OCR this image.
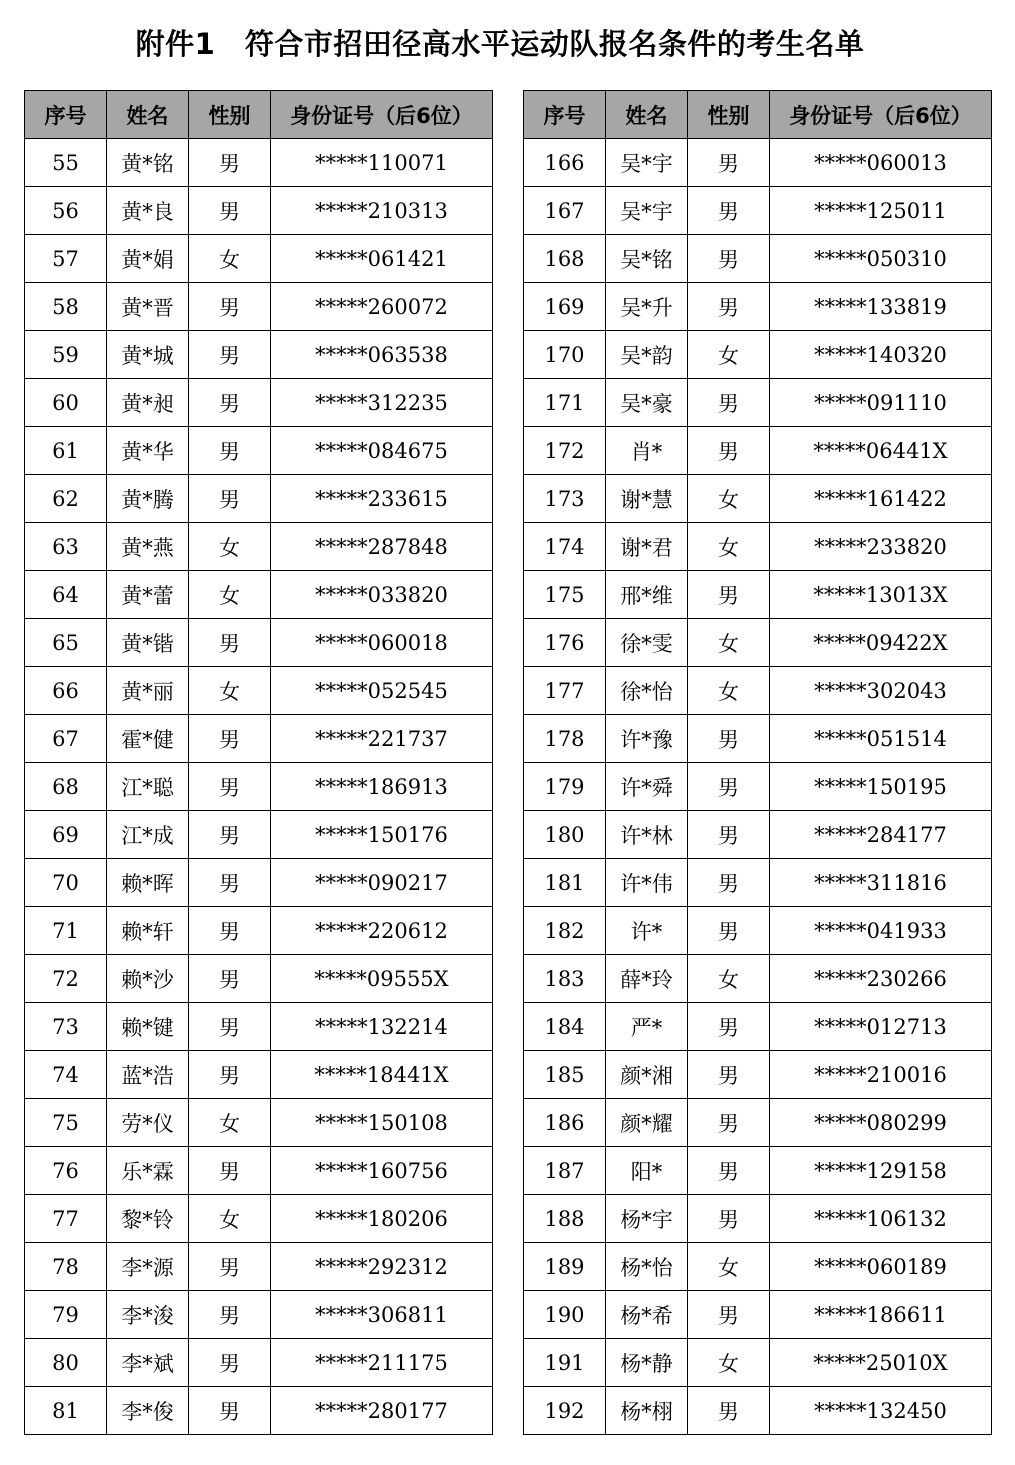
附件1　符合市招田径高水平运动队报名条件的考生名单
序号	姓名	性别	身份证号（后6位）
55	黄*铭	男	*****110071
56	黄*良	男	*****210313
57	黄*娟	女	*****061421
58	黄*晋	男	*****260072
59	黄*城	男	*****063538
60	黄*昶	男	*****312235
61	黄*华	男	*****084675
62	黄*腾	男	*****233615
63	黄*燕	女	*****287848
64	黄*蕾	女	*****033820
65	黄*锴	男	*****060018
66	黄*丽	女	*****052545
67	霍*健	男	*****221737
68	江*聪	男	*****186913
69	江*成	男	*****150176
70	赖*晖	男	*****090217
71	赖*轩	男	*****220612
72	赖*沙	男	*****09555X
73	赖*键	男	*****132214
74	蓝*浩	男	*****18441X
75	劳*仪	女	*****150108
76	乐*霖	男	*****160756
77	黎*铃	女	*****180206
78	李*源	男	*****292312
79	李*浚	男	*****306811
80	李*斌	男	*****211175
81	李*俊	男	*****280177
序号	姓名	性别	身份证号（后6位）
166	吴*宇	男	*****060013
167	吴*宇	男	*****125011
168	吴*铭	男	*****050310
169	吴*升	男	*****133819
170	吴*韵	女	*****140320
171	吴*豪	男	*****091110
172	肖*	男	*****06441X
173	谢*慧	女	*****161422
174	谢*君	女	*****233820
175	邢*维	男	*****13013X
176	徐*雯	女	*****09422X
177	徐*怡	女	*****302043
178	许*豫	男	*****051514
179	许*舜	男	*****150195
180	许*林	男	*****284177
181	许*伟	男	*****311816
182	许*	男	*****041933
183	薛*玲	女	*****230266
184	严*	男	*****012713
185	颜*湘	男	*****210016
186	颜*耀	男	*****080299
187	阳*	男	*****129158
188	杨*宇	男	*****106132
189	杨*怡	女	*****060189
190	杨*希	男	*****186611
191	杨*静	女	*****25010X
192	杨*栩	男	*****132450
